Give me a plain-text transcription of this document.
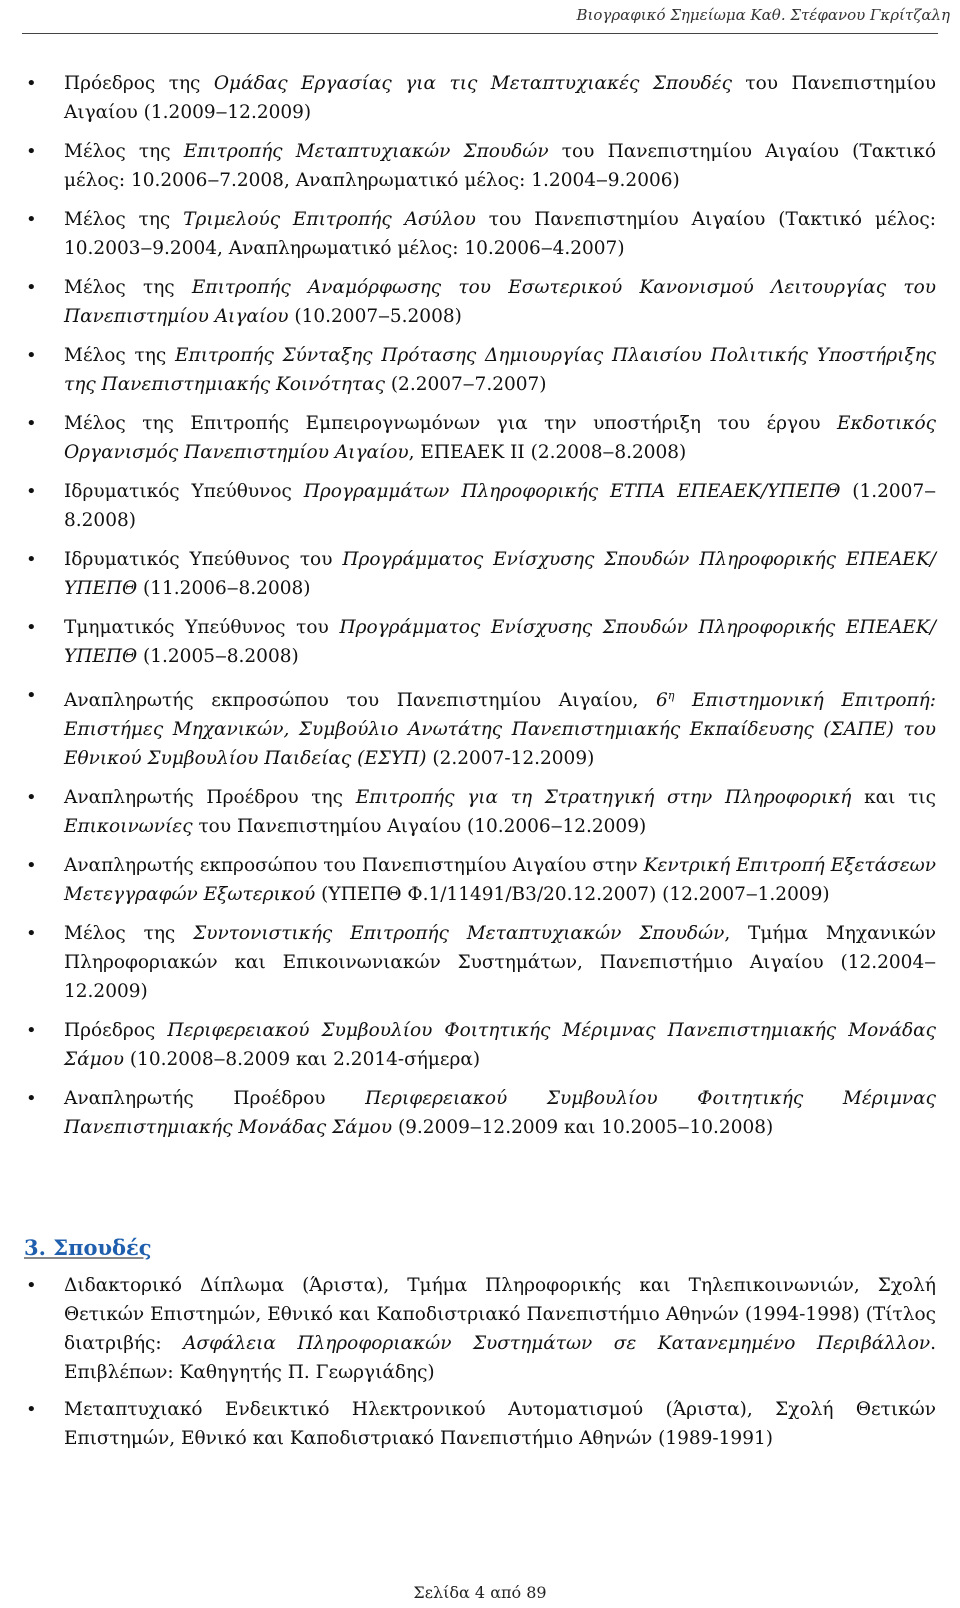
Βιογραφικό Σημείωμα Καθ. Στέφανου Γκρίτζαλη
• Πρόεδρος της Ομάδας Εργασίας για τις Μεταπτυχιακές Σπουδές του Πανεπιστημίου Αιγαίου (1.2009‒12.2009)
• Μέλος της Επιτροπής Μεταπτυχιακών Σπουδών του Πανεπιστημίου Αιγαίου (Τακτικό μέλος: 10.2006‒7.2008, Αναπληρωματικό μέλος: 1.2004‒9.2006)
• Μέλος της Τριμελούς Επιτροπής Ασύλου του Πανεπιστημίου Αιγαίου (Τακτικό μέλος: 10.2003‒9.2004, Αναπληρωματικό μέλος: 10.2006‒4.2007)
• Μέλος της Επιτροπής Αναμόρφωσης του Εσωτερικού Κανονισμού Λειτουργίας του Πανεπιστημίου Αιγαίου (10.2007‒5.2008)
• Μέλος της Επιτροπής Σύνταξης Πρότασης Δημιουργίας Πλαισίου Πολιτικής Υποστήριξης της Πανεπιστημιακής Κοινότητας (2.2007‒7.2007)
• Μέλος της Επιτροπής Εμπειρογνωμόνων για την υποστήριξη του έργου Εκδοτικός Οργανισμός Πανεπιστημίου Αιγαίου, ΕΠΕΑΕΚ ΙΙ (2.2008‒8.2008)
• Ιδρυματικός Υπεύθυνος Προγραμμάτων Πληροφορικής ΕΤΠΑ ΕΠΕΑΕΚ/ΥΠΕΠΘ (1.2007‒8.2008)
• Ιδρυματικός Υπεύθυνος του Προγράμματος Ενίσχυσης Σπουδών Πληροφορικής ΕΠΕΑΕΚ/ΥΠΕΠΘ (11.2006‒8.2008)
• Τμηματικός Υπεύθυνος του Προγράμματος Ενίσχυσης Σπουδών Πληροφορικής ΕΠΕΑΕΚ/ΥΠΕΠΘ (1.2005‒8.2008)
• Αναπληρωτής εκπροσώπου του Πανεπιστημίου Αιγαίου, $6^\eta$ Επιστημονική Επιτροπή: Επιστήμες Μηχανικών, Συμβούλιο Ανωτάτης Πανεπιστημιακής Εκπαίδευσης (ΣΑΠΕ) του Εθνικού Συμβουλίου Παιδείας (ΕΣΥΠ) (2.2007-12.2009)
• Αναπληρωτής Προέδρου της Επιτροπής για τη Στρατηγική στην Πληροφορική και τις Επικοινωνίες του Πανεπιστημίου Αιγαίου (10.2006‒12.2009)
• Αναπληρωτής εκπροσώπου του Πανεπιστημίου Αιγαίου στην Κεντρική Επιτροπή Εξετάσεων Μετεγγραφών Εξωτερικού (ΥΠΕΠΘ Φ.1/11491/Β3/20.12.2007) (12.2007‒1.2009)
• Μέλος της Συντονιστικής Επιτροπής Μεταπτυχιακών Σπουδών, Τμήμα Μηχανικών Πληροφοριακών και Επικοινωνιακών Συστημάτων, Πανεπιστήμιο Αιγαίου (12.2004‒12.2009)
• Πρόεδρος Περιφερειακού Συμβουλίου Φοιτητικής Μέριμνας Πανεπιστημιακής Μονάδας Σάμου (10.2008‒8.2009 και 2.2014-σήμερα)
• Αναπληρωτής Προέδρου Περιφερειακού Συμβουλίου Φοιτητικής Μέριμνας Πανεπιστημιακής Μονάδας Σάμου (9.2009‒12.2009 και 10.2005‒10.2008)
3. Σπουδές
• Διδακτορικό Δίπλωμα (Άριστα), Τμήμα Πληροφορικής και Τηλεπικοινωνιών, Σχολή Θετικών Επιστημών, Εθνικό και Καποδιστριακό Πανεπιστήμιο Αθηνών (1994-1998) (Τίτλος διατριβής: Ασφάλεια Πληροφοριακών Συστημάτων σε Κατανεμημένο Περιβάλλον. Επιβλέπων: Καθηγητής Π. Γεωργιάδης)
• Μεταπτυχιακό Ενδεικτικό Ηλεκτρονικού Αυτοματισμού (Άριστα), Σχολή Θετικών Επιστημών, Εθνικό και Καποδιστριακό Πανεπιστήμιο Αθηνών (1989-1991)
Σελίδα 4 από 89
